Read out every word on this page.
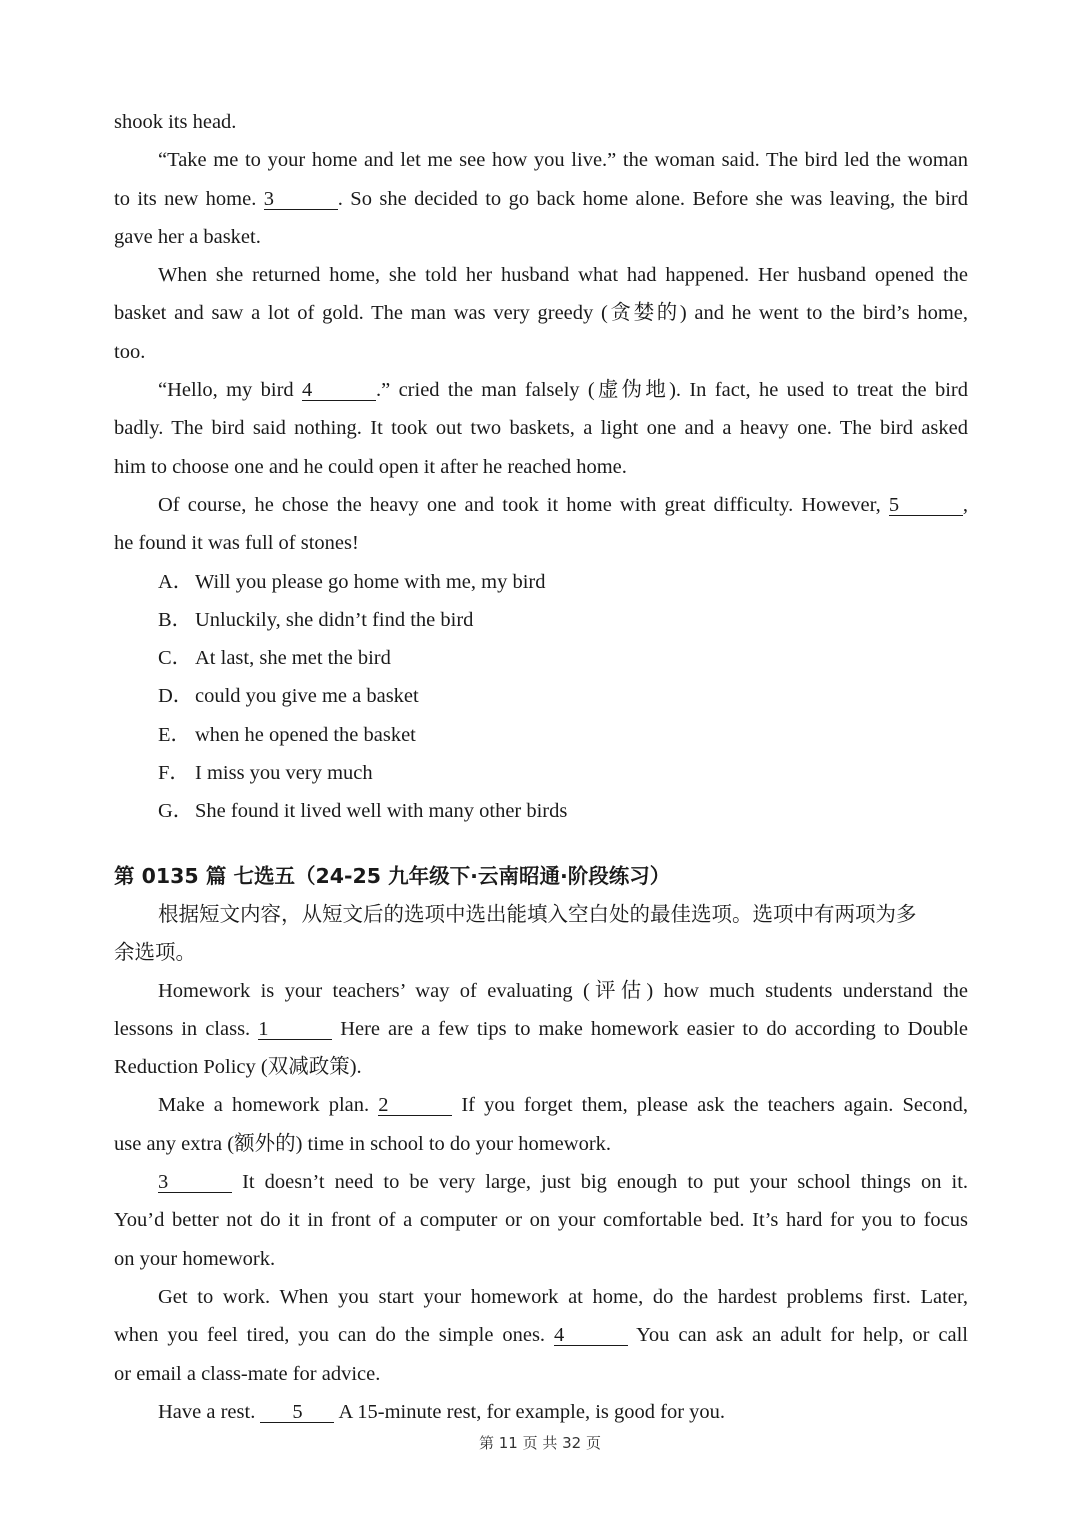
shook its head.
“Take me to your home and let me see how you live.” the woman said. The bird led the woman
to its new home. 3	. So she decided to go back home alone. Before she was leaving, the bird
gave her a basket.
When she returned home, she told her husband what had happened. Her husband opened the
basket and saw a lot of gold. The man was very greedy (贪婪的) and he went to the bird’s home,
too.
“Hello, my bird 4	.” cried the man falsely (虚伪地). In fact, he used to treat the bird
badly. The bird said nothing. It took out two baskets, a light one and a heavy one. The bird asked
him to choose one and he could open it after he reached home.
Of course, he chose the heavy one and took it home with great difficulty. However, 5	,
he found it was full of stones!
A．Will you please go home with me, my bird
B． Unluckily, she didn’t find the bird
C． At last, she met the bird
D．could you give me a basket
E． when he opened the basket
F． I miss you very much
G．She found it lived well with many other birds
第 0135 篇 七选五（24-25 九年级下·云南昭通·阶段练习）
根据短文内容，从短文后的选项中选出能填入空白处的最佳选项。选项中有两项为多
余选项。
Homework is your teachers’ way of evaluating (评估) how much students understand the
lessons in class. 1	Here are a few tips to make homework easier to do according to Double
Reduction Policy (双减政策).
Make a homework plan. 2	If you forget them, please ask the teachers again. Second,
use any extra (额外的) time in school to do your homework.
3	It doesn’t need to be very large, just big enough to put your school things on it.
You’d better not do it in front of a computer or on your comfortable bed. It’s hard for you to focus
on your homework.
Get to work. When you start your homework at home, do the hardest problems first. Later,
when you feel tired, you can do the simple ones. 4	You can ask an adult for help, or call
or email a class-mate for advice.
Have a rest. 5 A 15-minute rest, for example, is good for you.
第 11 页 共 32 页
